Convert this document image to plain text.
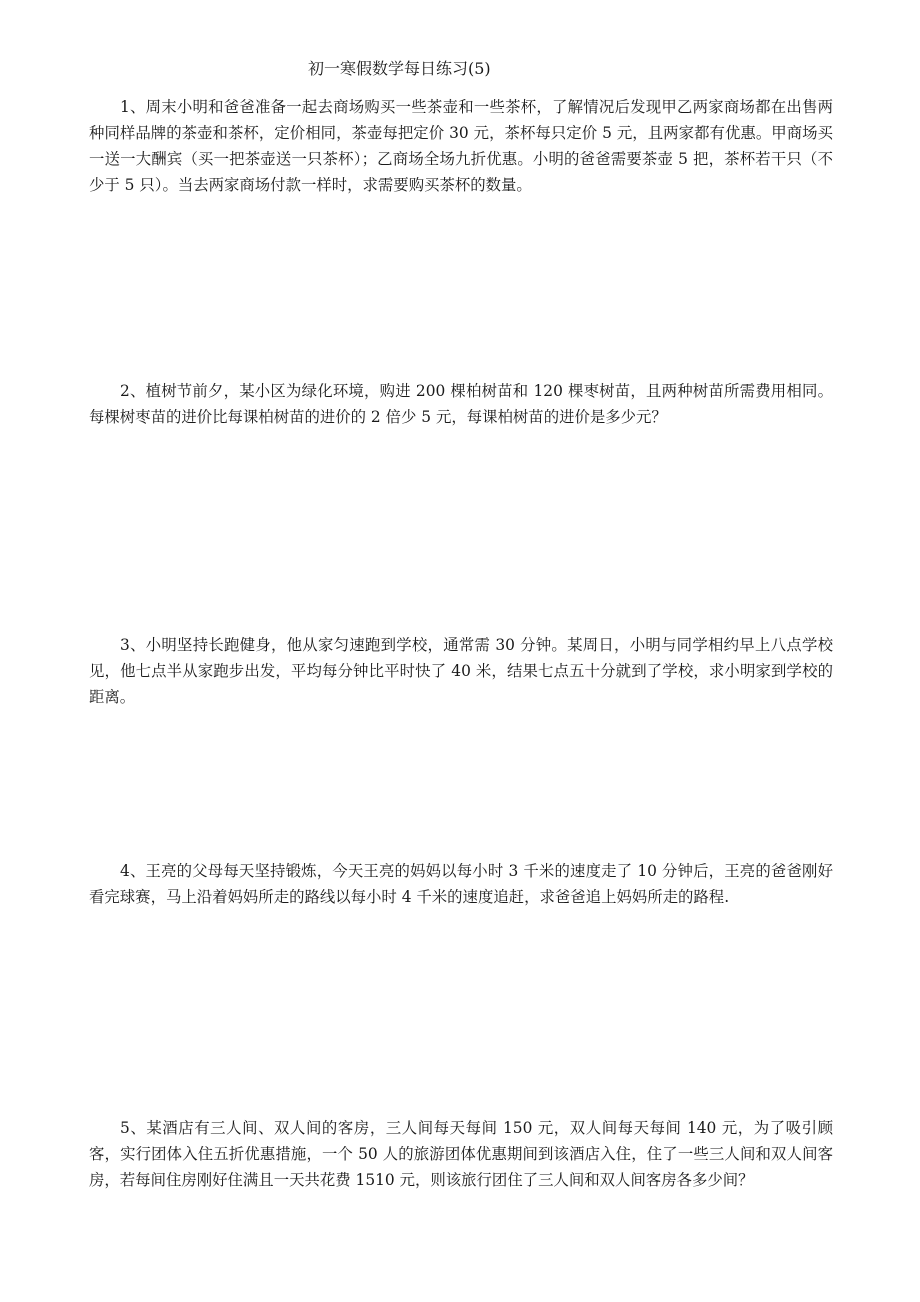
初一寒假数学每日练习(5)

1、周末小明和爸爸准备一起去商场购买一些茶壶和一些茶杯，了解情况后发现甲乙两家商场都在出售两种同样品牌的茶壶和茶杯，定价相同，茶壶每把定价 30 元，茶杯每只定价 5 元，且两家都有优惠。甲商场买一送一大酬宾（买一把茶壶送一只茶杯）；乙商场全场九折优惠。小明的爸爸需要茶壶 5 把，茶杯若干只（不少于 5 只）。当去两家商场付款一样时，求需要购买茶杯的数量。

2、植树节前夕，某小区为绿化环境，购进 200 棵柏树苗和 120 棵枣树苗，且两种树苗所需费用相同。每棵树枣苗的进价比每课柏树苗的进价的 2 倍少 5 元，每课柏树苗的进价是多少元？

3、小明坚持长跑健身，他从家匀速跑到学校，通常需 30 分钟。某周日，小明与同学相约早上八点学校见，他七点半从家跑步出发，平均每分钟比平时快了 40 米，结果七点五十分就到了学校，求小明家到学校的距离。

4、王亮的父母每天坚持锻炼，今天王亮的妈妈以每小时 3 千米的速度走了 10 分钟后，王亮的爸爸刚好看完球赛，马上沿着妈妈所走的路线以每小时 4 千米的速度追赶，求爸爸追上妈妈所走的路程.

5、某酒店有三人间、双人间的客房，三人间每天每间 150 元，双人间每天每间 140 元，为了吸引顾客，实行团体入住五折优惠措施，一个 50 人的旅游团体优惠期间到该酒店入住，住了一些三人间和双人间客房，若每间住房刚好住满且一天共花费 1510 元，则该旅行团住了三人间和双人间客房各多少间？
